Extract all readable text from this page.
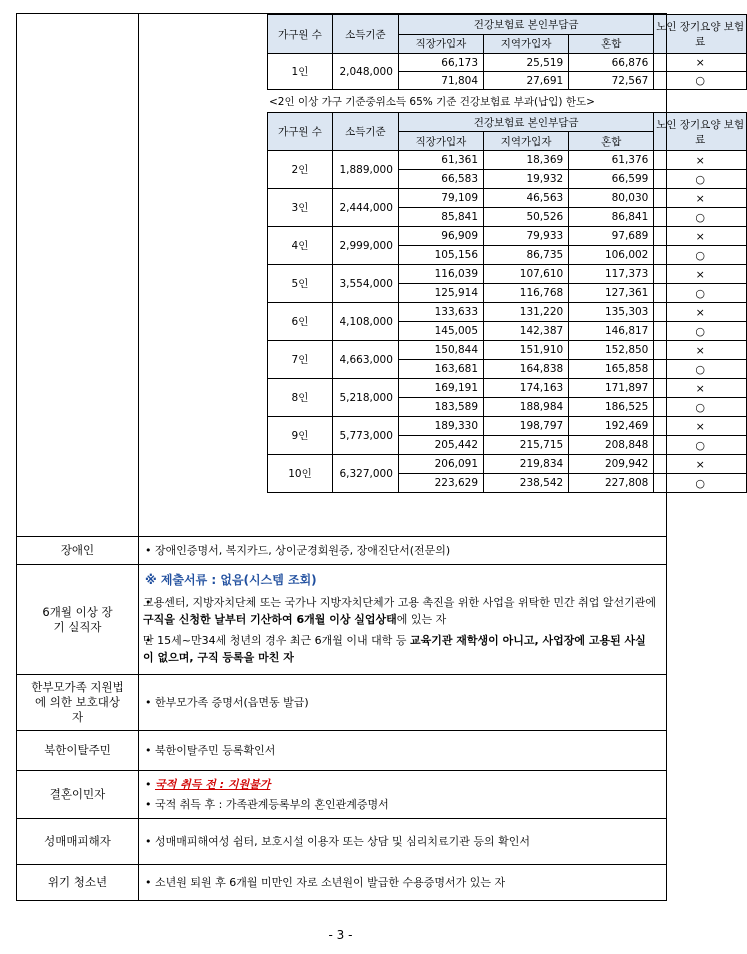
가구원 수	소득기준	건강보험료 본인부담금	노인 장기요양 보험료
직장가입자	지역가입자	혼합
1인	2,048,000	66,173	25,519	66,876	×
71,804	27,691	72,567	○
<2인 이상 가구 기준중위소득 65% 기준 건강보험료 부과(납입) 한도>
가구원 수	소득기준	건강보험료 본인부담금	노인 장기요양 보험료
직장가입자	지역가입자	혼합
2인	1,889,000	61,361	18,369	61,376	×
66,583	19,932	66,599	○
3인	2,444,000	79,109	46,563	80,030	×
85,841	50,526	86,841	○
4인	2,999,000	96,909	79,933	97,689	×
105,156	86,735	106,002	○
5인	3,554,000	116,039	107,610	117,373	×
125,914	116,768	127,361	○
6인	4,108,000	133,633	131,220	135,303	×
145,005	142,387	146,817	○
7인	4,663,000	150,844	151,910	152,850	×
163,681	164,838	165,858	○
8인	5,218,000	169,191	174,163	171,897	×
183,589	188,984	186,525	○
9인	5,773,000	189,330	198,797	192,469	×
205,442	215,715	208,848	○
10인	6,327,000	206,091	219,834	209,942	×
223,629	238,542	227,808	○

장애인	
•장애인증명서, 복지카드, 상이군경회원증, 장애진단서(전문의)

6개월 이상 장기 실직자	
※ 제출서류 : 없음(시스템 조회)
• 고용센터, 지방자치단체 또는 국가나 지방자치단체가 고용 촉진을 위한 사업을 위탁한 민간 취업 알선기관에 구직을 신청한 날부터 기산하여 6개월 이상 실업상태에 있는 자
• 만 15세~만34세 청년의 경우 최근 6개월 이내 대학 등 교육기관 재학생이 아니고, 사업장에 고용된 사실이 없으며, 구직 등록을 마친 자

한부모가족 지원법에 의한 보호대상자	
• 한부모가족 증명서(읍면동 발급)

북한이탈주민	
•북한이탈주민 등록확인서

결혼이민자	
• 국적 취득 전 : 지원불가
• 국적 취득 후 : 가족관계등록부의 혼인관계증명서

성매매피해자	
•성매매피해여성 쉼터, 보호시설 이용자 또는 상담 및 심리치료기관 등의 확인서

위기 청소년	
•소년원 퇴원 후 6개월 미만인 자로 소년원이 발급한 수용증명서가 있는 자
- 3 -
